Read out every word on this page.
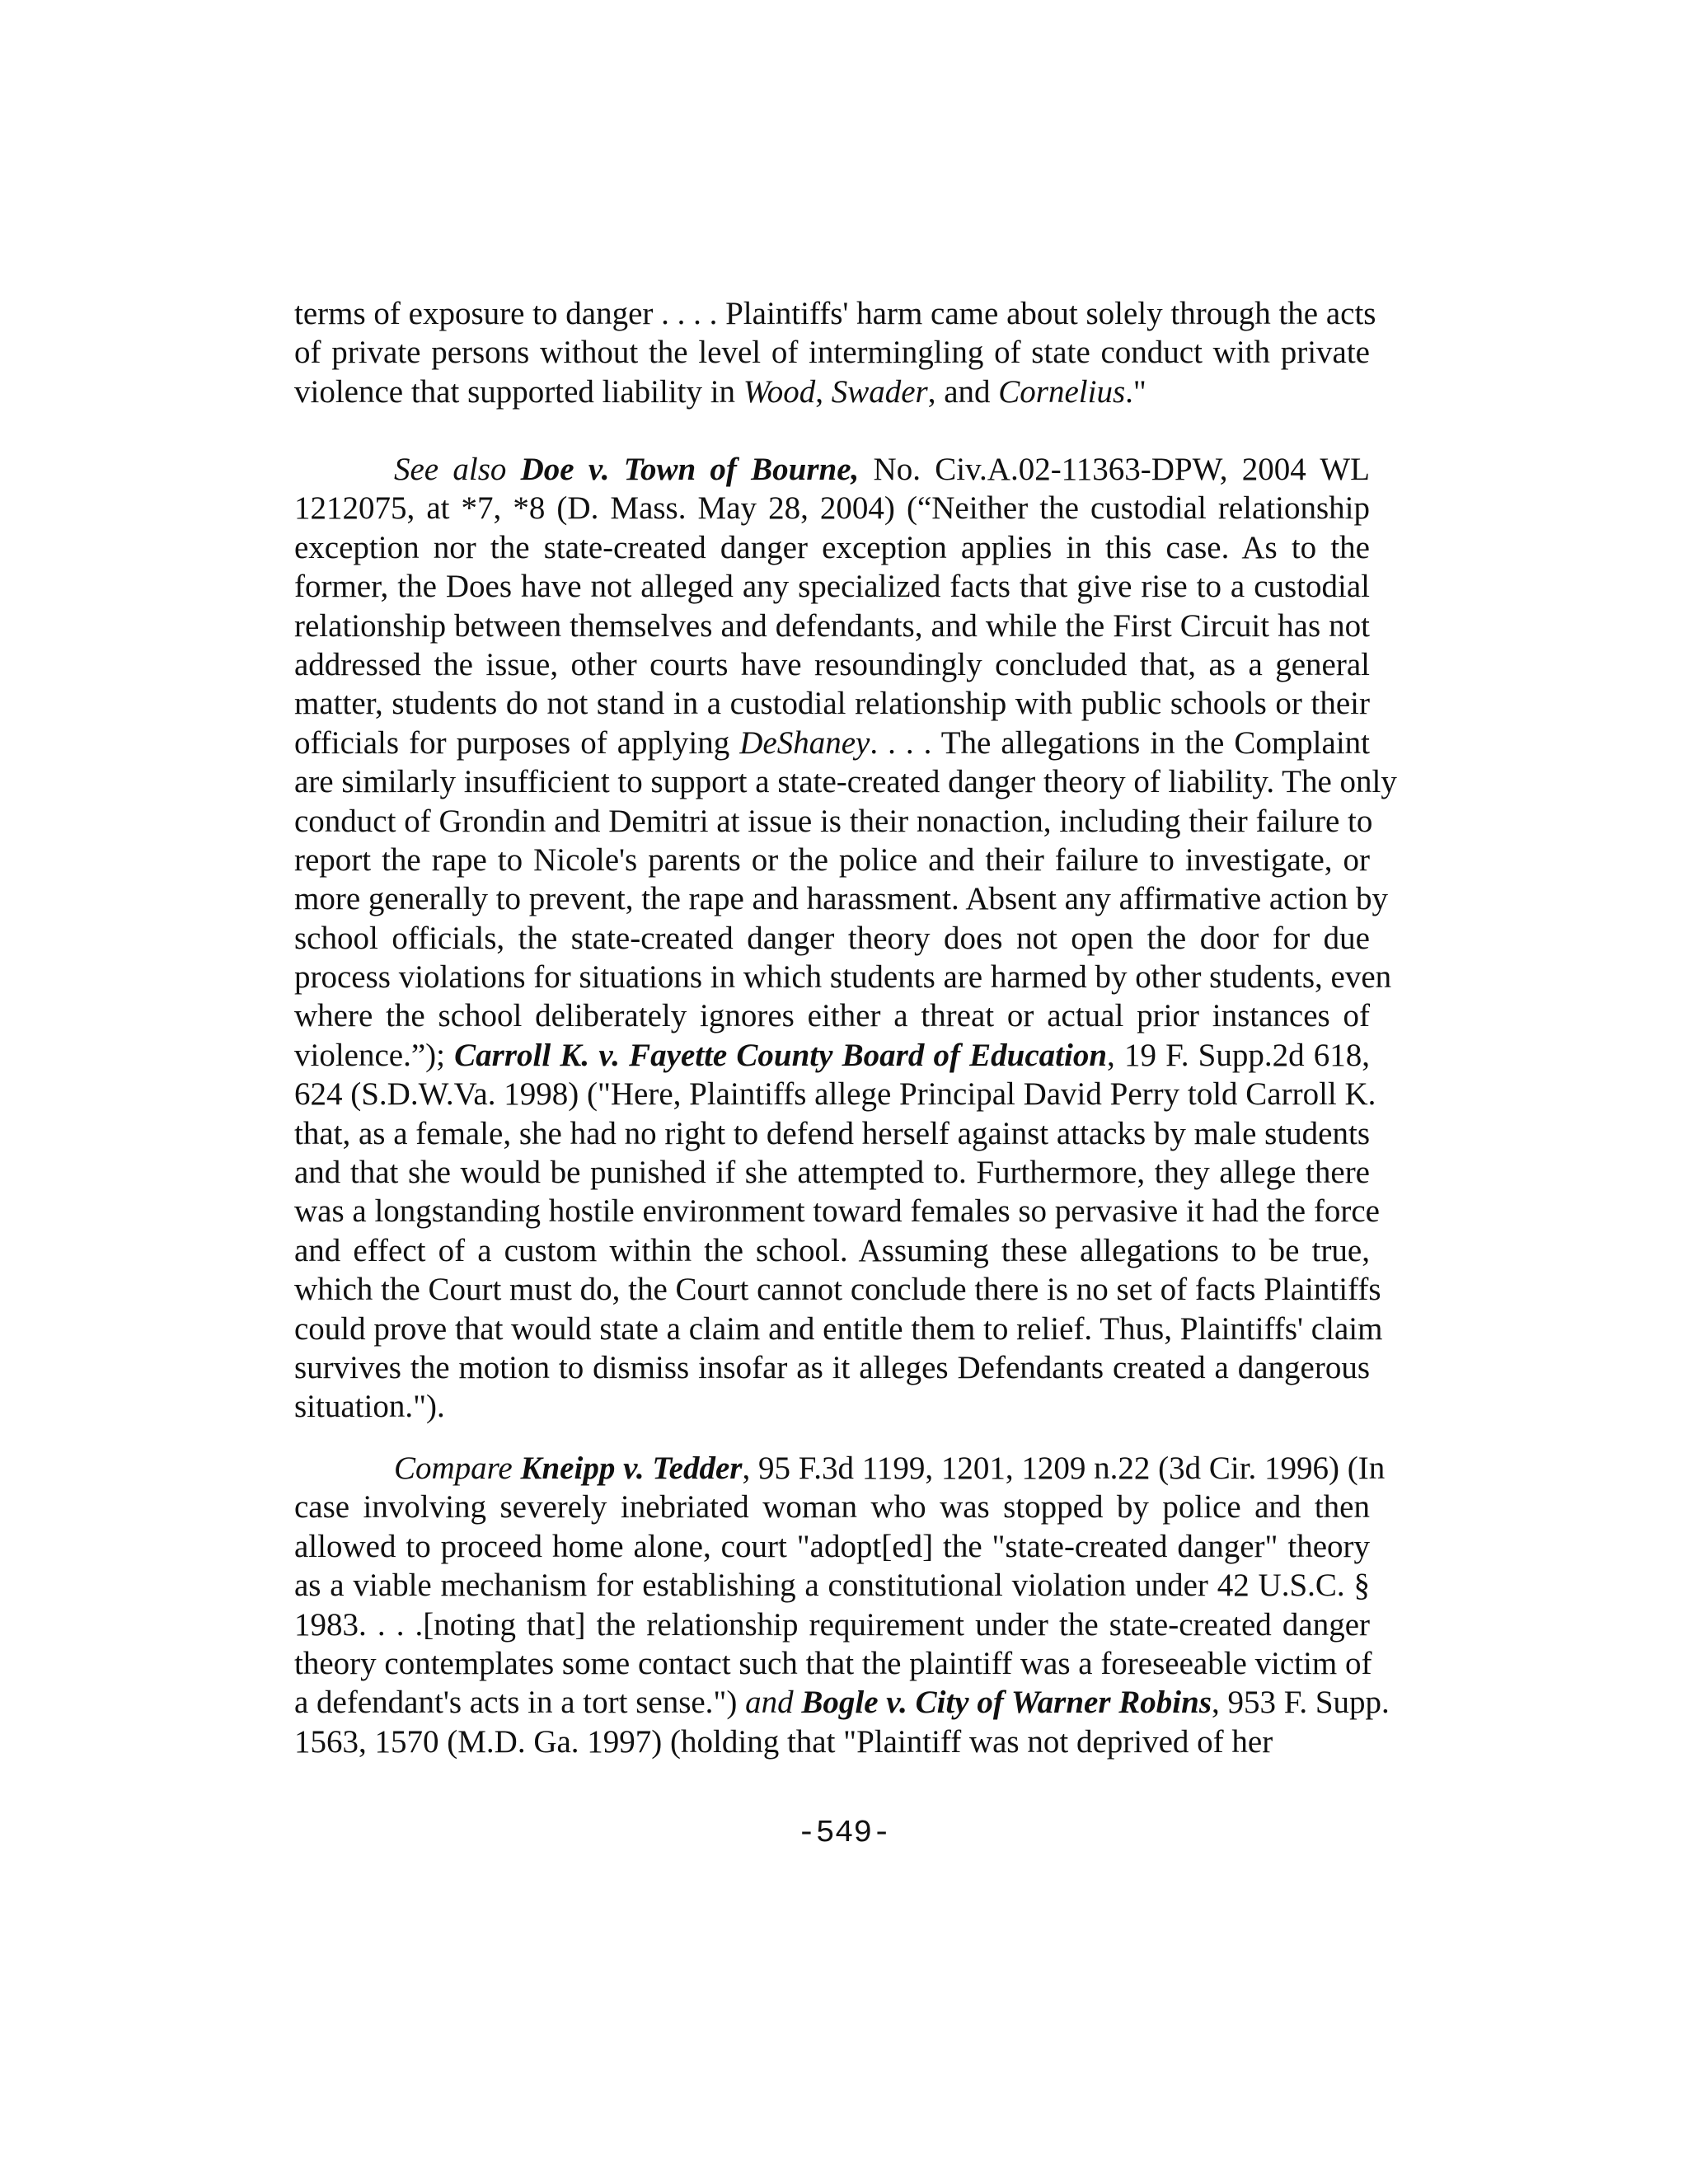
terms of exposure to danger . . . . Plaintiffs' harm came about solely through the acts
of private persons without the level of intermingling of state conduct with private
violence that supported liability in Wood, Swader, and Cornelius."
See also Doe v. Town of Bourne, No. Civ.A.02-11363-DPW, 2004 WL
1212075, at *7, *8 (D. Mass. May 28, 2004) (“Neither the custodial relationship
exception nor the state-created danger exception applies in this case. As to the
former, the Does have not alleged any specialized facts that give rise to a custodial
relationship between themselves and defendants, and while the First Circuit has not
addressed the issue, other courts have resoundingly concluded that, as a general
matter, students do not stand in a custodial relationship with public schools or their
officials for purposes of applying DeShaney. . . . The allegations in the Complaint
are similarly insufficient to support a state-created danger theory of liability. The only
conduct of Grondin and Demitri at issue is their nonaction, including their failure to
report the rape to Nicole's parents or the police and their failure to investigate, or
more generally to prevent, the rape and harassment. Absent any affirmative action by
school officials, the state-created danger theory does not open the door for due
process violations for situations in which students are harmed by other students, even
where the school deliberately ignores either a threat or actual prior instances of
violence.”); Carroll K. v. Fayette County Board of Education, 19 F. Supp.2d 618,
624 (S.D.W.Va. 1998) ("Here, Plaintiffs allege Principal David Perry told Carroll K.
that, as a female, she had no right to defend herself against attacks by male students
and that she would be punished if she attempted to. Furthermore, they allege there
was a longstanding hostile environment toward females so pervasive it had the force
and effect of a custom within the school. Assuming these allegations to be true,
which the Court must do, the Court cannot conclude there is no set of facts Plaintiffs
could prove that would state a claim and entitle them to relief. Thus, Plaintiffs' claim
survives the motion to dismiss insofar as it alleges Defendants created a dangerous
situation.").
Compare Kneipp v. Tedder, 95 F.3d 1199, 1201, 1209 n.22 (3d Cir. 1996) (In
case involving severely inebriated woman who was stopped by police and then
allowed to proceed home alone, court "adopt[ed] the "state-created danger" theory
as a viable mechanism for establishing a constitutional violation under 42 U.S.C. §
1983. . . .[noting that] the relationship requirement under the state-created danger
theory contemplates some contact such that the plaintiff was a foreseeable victim of
a defendant's acts in a tort sense.") and Bogle v. City of Warner Robins, 953 F. Supp.
1563, 1570 (M.D. Ga. 1997) (holding that "Plaintiff was not deprived of her
-549-
